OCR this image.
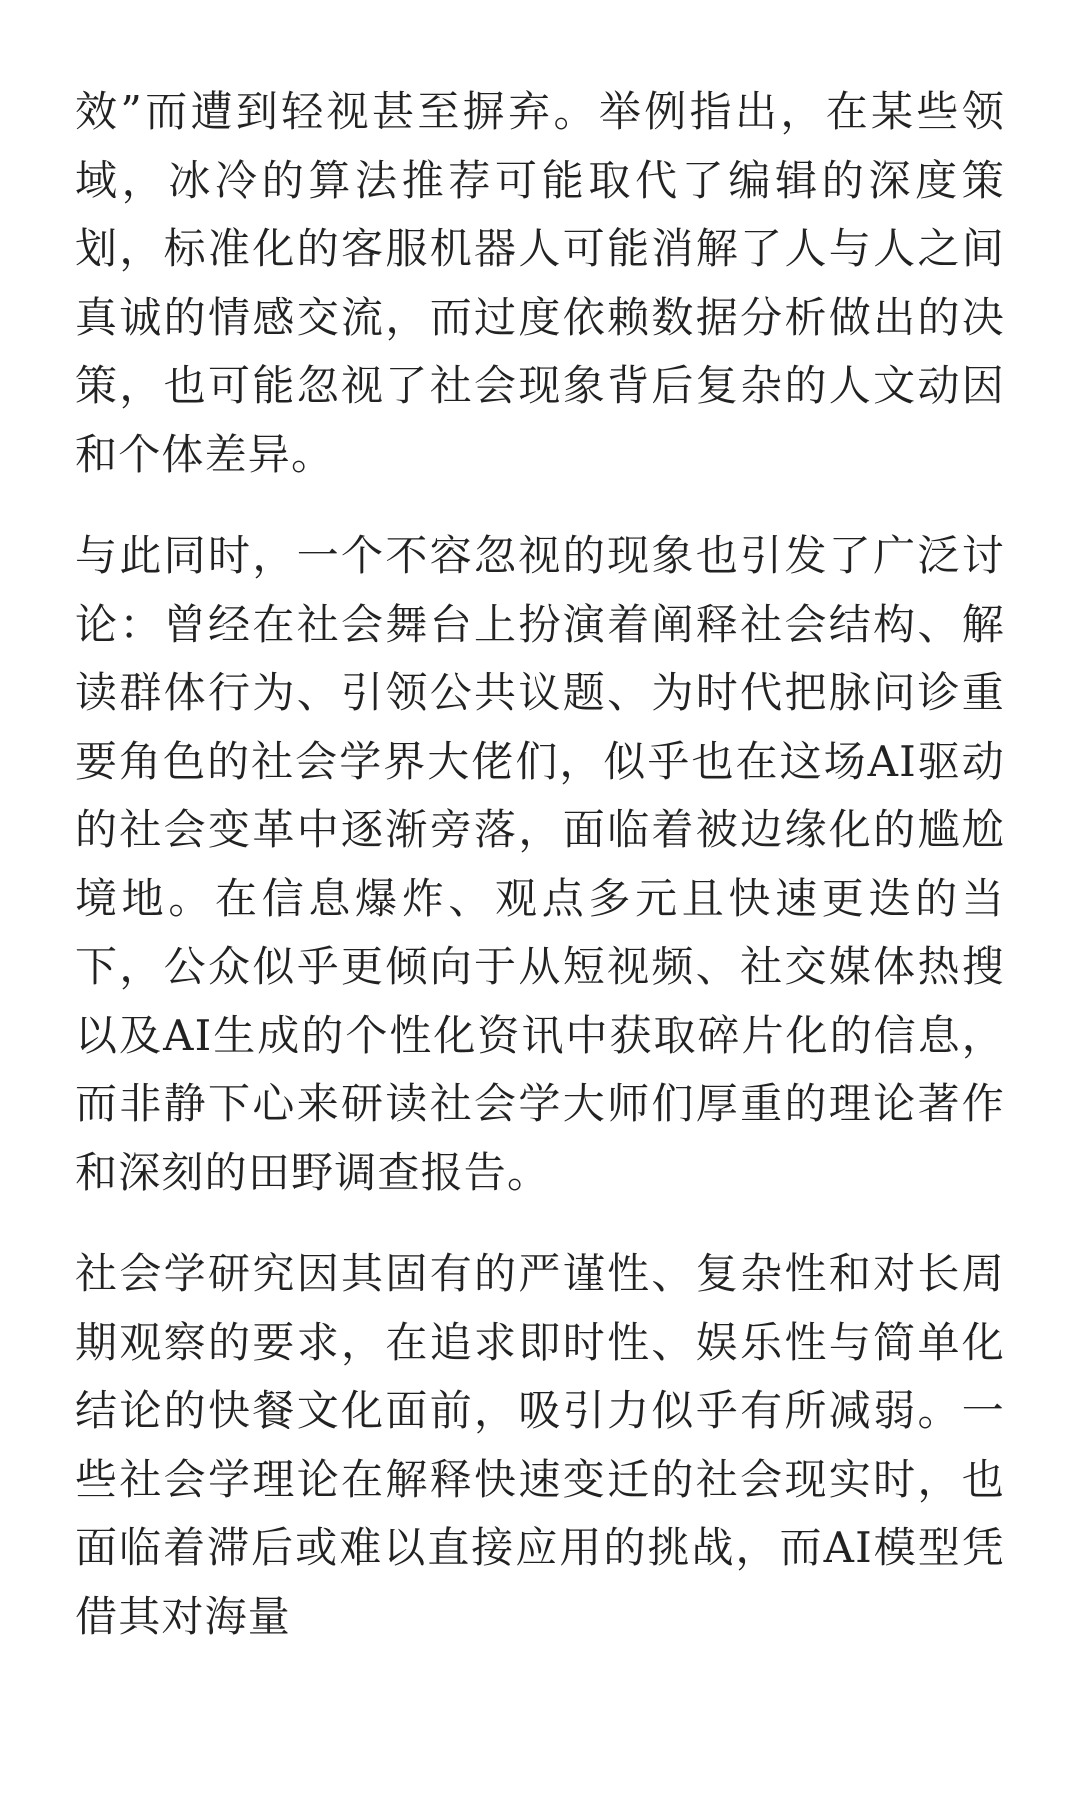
效”而遭到轻视甚至摒弃。举例指出，在某些领域，冰冷的算法推荐可能取代了编辑的深度策划，标准化的客服机器人可能消解了人与人之间真诚的情感交流，而过度依赖数据分析做出的决策，也可能忽视了社会现象背后复杂的人文动因和个体差异。

与此同时，一个不容忽视的现象也引发了广泛讨论：曾经在社会舞台上扮演着阐释社会结构、解读群体行为、引领公共议题、为时代把脉问诊重要角色的社会学界大佬们，似乎也在这场AI驱动的社会变革中逐渐旁落，面临着被边缘化的尴尬境地。在信息爆炸、观点多元且快速更迭的当下，公众似乎更倾向于从短视频、社交媒体热搜以及AI生成的个性化资讯中获取碎片化的信息，而非静下心来研读社会学大师们厚重的理论著作和深刻的田野调查报告。

社会学研究因其固有的严谨性、复杂性和对长周期观察的要求，在追求即时性、娱乐性与简单化结论的快餐文化面前，吸引力似乎有所减弱。一些社会学理论在解释快速变迁的社会现实时，也面临着滞后或难以直接应用的挑战，而AI模型凭借其对海量
